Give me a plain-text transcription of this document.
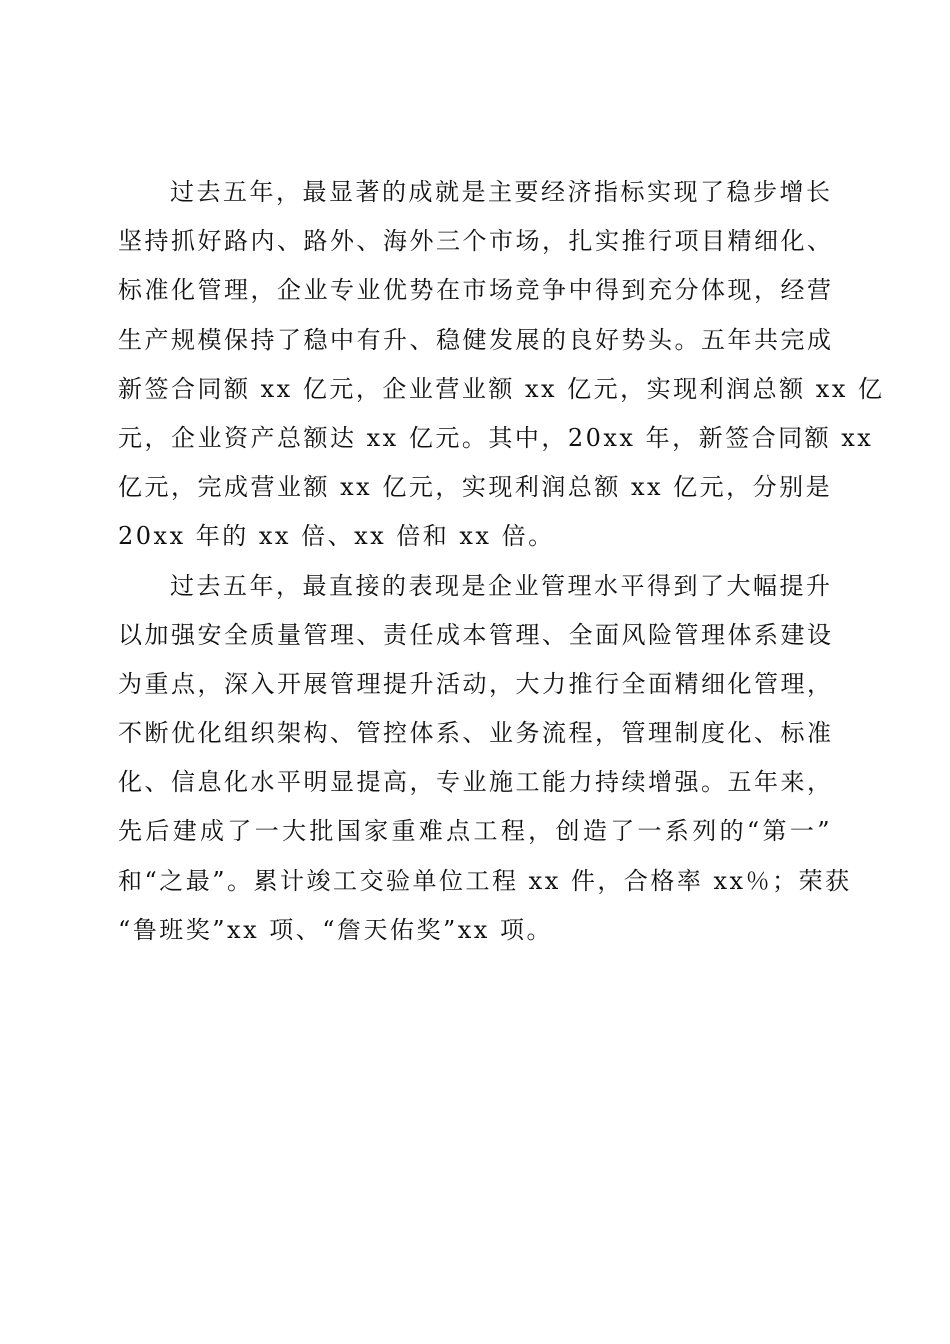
过去五年，最显著的成就是主要经济指标实现了稳步增长
坚持抓好路内、路外、海外三个市场，扎实推行项目精细化、
标准化管理，企业专业优势在市场竞争中得到充分体现，经营
生产规模保持了稳中有升、稳健发展的良好势头。五年共完成
新签合同额 xx 亿元，企业营业额 xx 亿元，实现利润总额 xx 亿
元，企业资产总额达 xx 亿元。其中，20xx 年，新签合同额 xx
亿元，完成营业额 xx 亿元，实现利润总额 xx 亿元，分别是
20xx 年的 xx 倍、xx 倍和 xx 倍。
过去五年，最直接的表现是企业管理水平得到了大幅提升
以加强安全质量管理、责任成本管理、全面风险管理体系建设
为重点，深入开展管理提升活动，大力推行全面精细化管理，
不断优化组织架构、管控体系、业务流程，管理制度化、标准
化、信息化水平明显提高，专业施工能力持续增强。五年来，
先后建成了一大批国家重难点工程，创造了一系列的“第一”
和“之最”。累计竣工交验单位工程 xx 件，合格率 xx％；荣获
“鲁班奖”xx 项、“詹天佑奖”xx 项。
